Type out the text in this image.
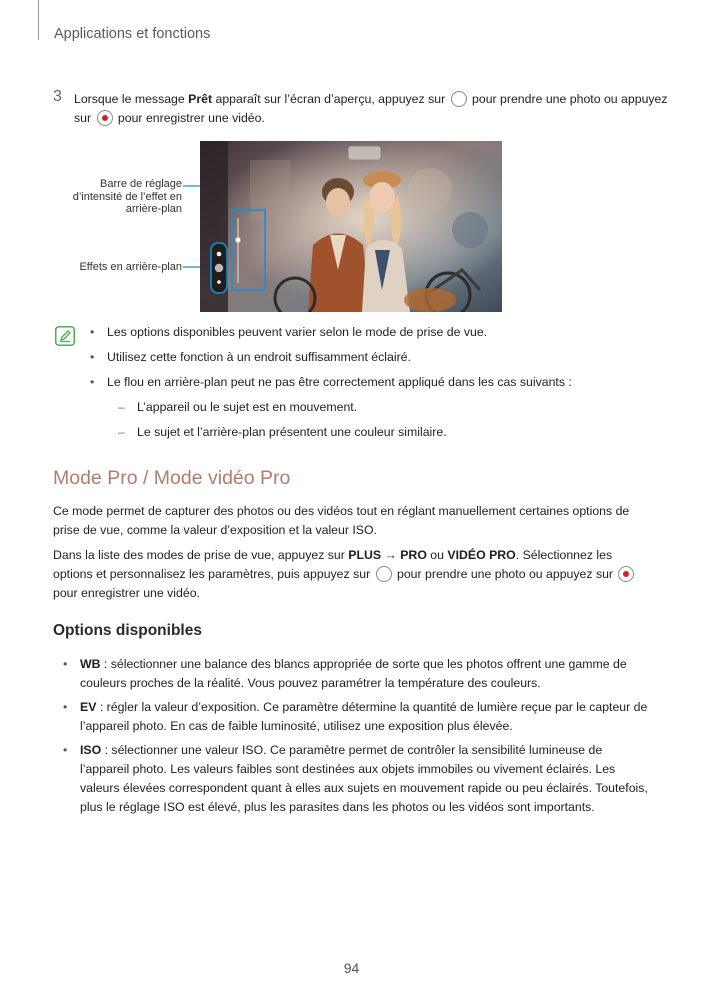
Applications et fonctions
3 Lorsque le message Prêt apparaît sur l’écran d’aperçu, appuyez sur  pour prendre une photo ou appuyez sur  pour enregistrer une vidéo.
Barre de réglage d’intensité de l’effet en arrière-plan
Effets en arrière-plan
• Les options disponibles peuvent varier selon le mode de prise de vue.
• Utilisez cette fonction à un endroit suffisamment éclairé.
• Le flou en arrière-plan peut ne pas être correctement appliqué dans les cas suivants :
– L’appareil ou le sujet est en mouvement.
– Le sujet et l’arrière-plan présentent une couleur similaire.
Mode Pro / Mode vidéo Pro
Ce mode permet de capturer des photos ou des vidéos tout en réglant manuellement certaines options de prise de vue, comme la valeur d’exposition et la valeur ISO.
Dans la liste des modes de prise de vue, appuyez sur PLUS → PRO ou VIDÉO PRO. Sélectionnez les options et personnalisez les paramètres, puis appuyez sur  pour prendre une photo ou appuyez sur  pour enregistrer une vidéo.
Options disponibles
• WB : sélectionner une balance des blancs appropriée de sorte que les photos offrent une gamme de couleurs proches de la réalité. Vous pouvez paramétrer la température des couleurs.
• EV : régler la valeur d’exposition. Ce paramètre détermine la quantité de lumière reçue par le capteur de l’appareil photo. En cas de faible luminosité, utilisez une exposition plus élevée.
• ISO : sélectionner une valeur ISO. Ce paramètre permet de contrôler la sensibilité lumineuse de l’appareil photo. Les valeurs faibles sont destinées aux objets immobiles ou vivement éclairés. Les valeurs élevées correspondent quant à elles aux sujets en mouvement rapide ou peu éclairés. Toutefois, plus le réglage ISO est élevé, plus les parasites dans les photos ou les vidéos sont importants.
94
